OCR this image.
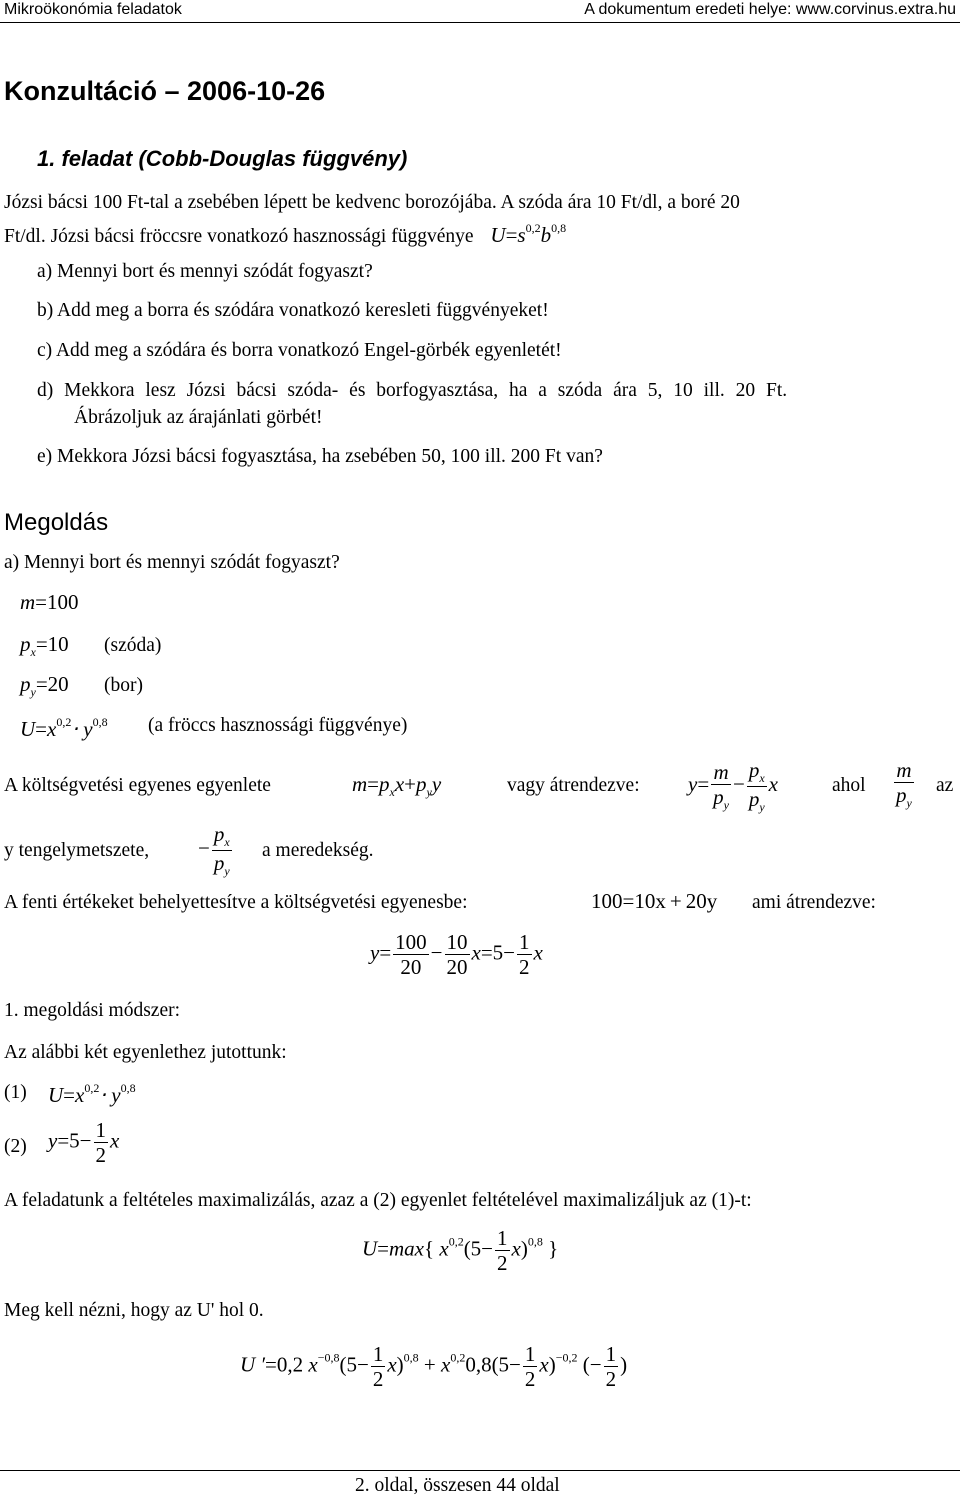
Mikroökonómia feladatok	A dokumentum eredeti helye: www.corvinus.extra.hu
Konzultáció – 2006-10-26
1. feladat (Cobb-Douglas függvény)
Józsi bácsi 100 Ft-tal a zsebében lépett be kedvenc borozójába. A szóda ára 10 Ft/dl, a boré 20
Ft/dl. Józsi bácsi fröccsre vonatkozó hasznossági függvénye $U=s^{0,2}b^{0,8}$
a) Mennyi bort és mennyi szódát fogyaszt?
b) Add meg a borra és szódára vonatkozó keresleti függvényeket!
c) Add meg a szódára és borra vonatkozó Engel-görbék egyenletét!
d) Mekkora lesz Józsi bácsi szóda- és borfogyasztása, ha a szóda ára 5, 10 ill. 20 Ft.
Ábrázoljuk az árajánlati görbét!
e) Mekkora Józsi bácsi fogyasztása, ha zsebében 50, 100 ill. 200 Ft van?
Megoldás
a) Mennyi bort és mennyi szódát fogyaszt?
m=100
$p_x=10$ (szóda)
$p_y=20$ (bor)
$U=x^{0,2}\cdot y^{0,8}$ (a fröccs hasznossági függvénye)
A költségvetési egyenes egyenlete	$m=p_xx+p_yy$	vagy átrendezve: $y= \frac{m}{p_y} - \frac{p_x}{p_y}$ x	ahol $\frac{m}{p_y}$ az
y tengelymetszete, − $\frac{p_x}{p_y}$ a meredekség.
A fenti értékeket behelyettesítve a költségvetési egyenesbe:	100=10x + 20y ami átrendezve:
$y= \frac{100}{20} - \frac{10}{20} x=5- \frac{1}{2}$ x
1. megoldási módszer:
Az alábbi két egyenlethez jutottunk:
(1) $U=x^{0,2}\cdot y^{0,8}$
(2) $y=5- \frac{1}{2}$ x
A feladatunk a feltételes maximalizálás, azaz a (2) egyenlet feltételével maximalizáljuk az (1)-t:
U=max{ $x^{0,2}(5- \frac{1}{2} x)^{0,8}$ }
Meg kell nézni, hogy az U' hol 0.
U ′=0,2 $x^{-0,8}(5- \frac{1}{2} x)^{0,8} + x^{0,2}0,8(5- \frac{1}{2} x)^{-0,2}$ (− $\frac{1}{2}$ )
2. oldal, összesen 44 oldal
